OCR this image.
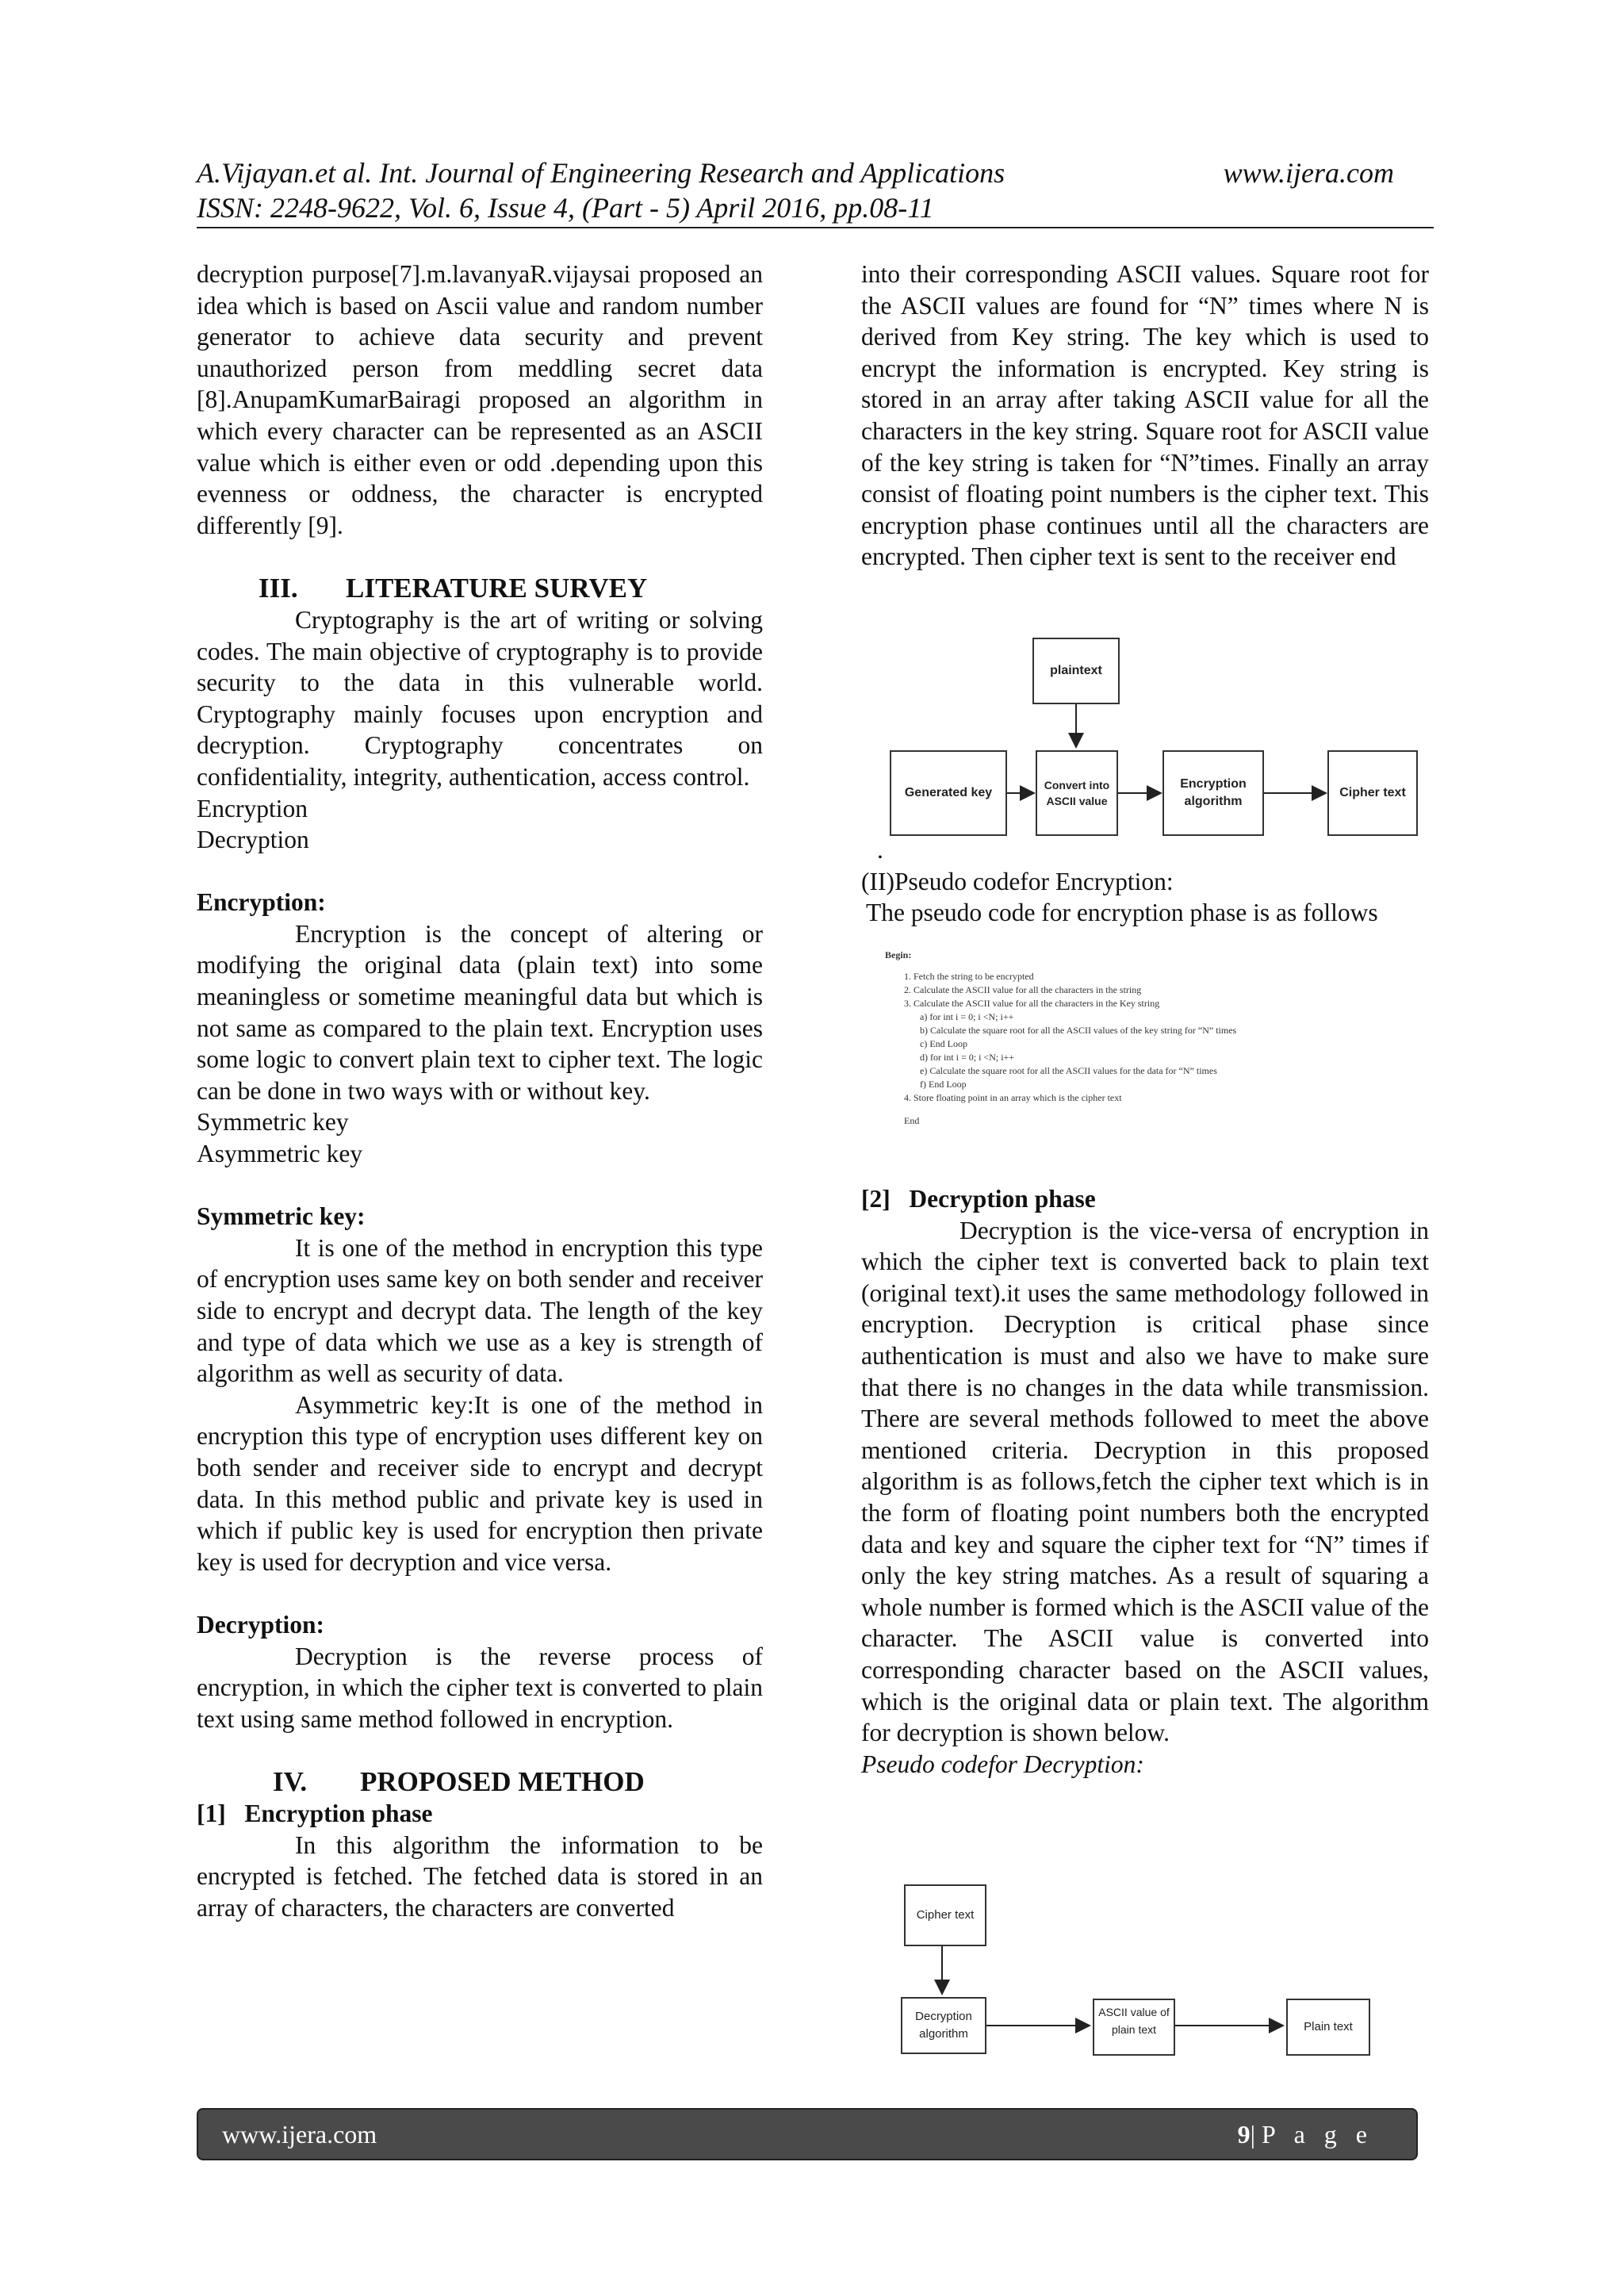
A.Vijayan.et al. Int. Journal of Engineering Research and Applications	www.ijera.com
ISSN: 2248-9622, Vol. 6, Issue 4, (Part - 5) April 2016, pp.08-11

decryption purpose[7].m.lavanyaR.vijaysai proposed an idea which is based on Ascii value and random number generator to achieve data security and prevent unauthorized person from meddling secret data [8].AnupamKumarBairagi proposed an algorithm in which every character can be represented as an ASCII value which is either even or odd .depending upon this evenness or oddness, the character is encrypted differently [9].

III. LITERATURE SURVEY

Cryptography is the art of writing or solving codes. The main objective of cryptography is to provide security to the data in this vulnerable world. Cryptography mainly focuses upon encryption and decryption. Cryptography concentrates on confidentiality, integrity, authentication, access control.

Encryption

Decryption

Encryption:

Encryption is the concept of altering or modifying the original data (plain text) into some meaningless or sometime meaningful data but which is not same as compared to the plain text. Encryption uses some logic to convert plain text to cipher text. The logic can be done in two ways with or without key.

Symmetric key

Asymmetric key

Symmetric key:

It is one of the method in encryption this type of encryption uses same key on both sender and receiver side to encrypt and decrypt data. The length of the key and type of data which we use as a key is strength of algorithm as well as security of data.

Asymmetric key:It is one of the method in encryption this type of encryption uses different key on both sender and receiver side to encrypt and decrypt data. In this method public and private key is used in which if public key is used for encryption then private key is used for decryption and vice versa.

Decryption:

Decryption is the reverse process of encryption, in which the cipher text is converted to plain text using same method followed in encryption.

IV. PROPOSED METHOD

[1]   Encryption phase

In this algorithm the information to be encrypted is fetched. The fetched data is stored in an array of characters, the characters are converted

into their corresponding ASCII values. Square root for the ASCII values are found for “N” times where N is derived from Key string. The key which is used to encrypt the information is encrypted. Key string is stored in an array after taking ASCII value for all the characters in the key string. Square root for ASCII value of the key string is taken for “N”times. Finally an array consist of floating point numbers is the cipher text. This encryption phase continues until all the characters are encrypted. Then cipher text is sent to the receiver end

plaintext
Generated key
Convert into ASCII value
Encryption algorithm
Cipher text

.

(II)Pseudo codefor Encryption:

The pseudo code for encryption phase is as follows

Begin:
1. Fetch the string to be encrypted
2. Calculate the ASCII value for all the characters in the string
3. Calculate the ASCII value for all the characters in the Key string
a) for int i = 0; i <N; i++
b) Calculate the square root for all the ASCII values of the key string for “N” times
c) End Loop
d) for int i = 0; i <N; i++
e) Calculate the square root for all the ASCII values for the data for “N” times
f) End Loop
4. Store floating point in an array which is the cipher text
End

[2]   Decryption phase

Decryption is the vice-versa of encryption in which the cipher text is converted back to plain text (original text).it uses the same methodology followed in encryption. Decryption is critical phase since authentication is must and also we have to make sure that there is no changes in the data while transmission. There are several methods followed to meet the above mentioned criteria. Decryption in this proposed algorithm is as follows,fetch the cipher text which is in the form of floating point numbers both the encrypted data and key and square the cipher text for “N” times if only the key string matches. As a result of squaring a whole number is formed which is the ASCII value of the character. The ASCII value is converted into corresponding character based on the ASCII values, which is the original data or plain text. The algorithm for decryption is shown below.

Pseudo codefor Decryption:

Cipher text
Decryption algorithm
ASCII value of plain text	Plain text
www.ijera.com	9|P a g e
